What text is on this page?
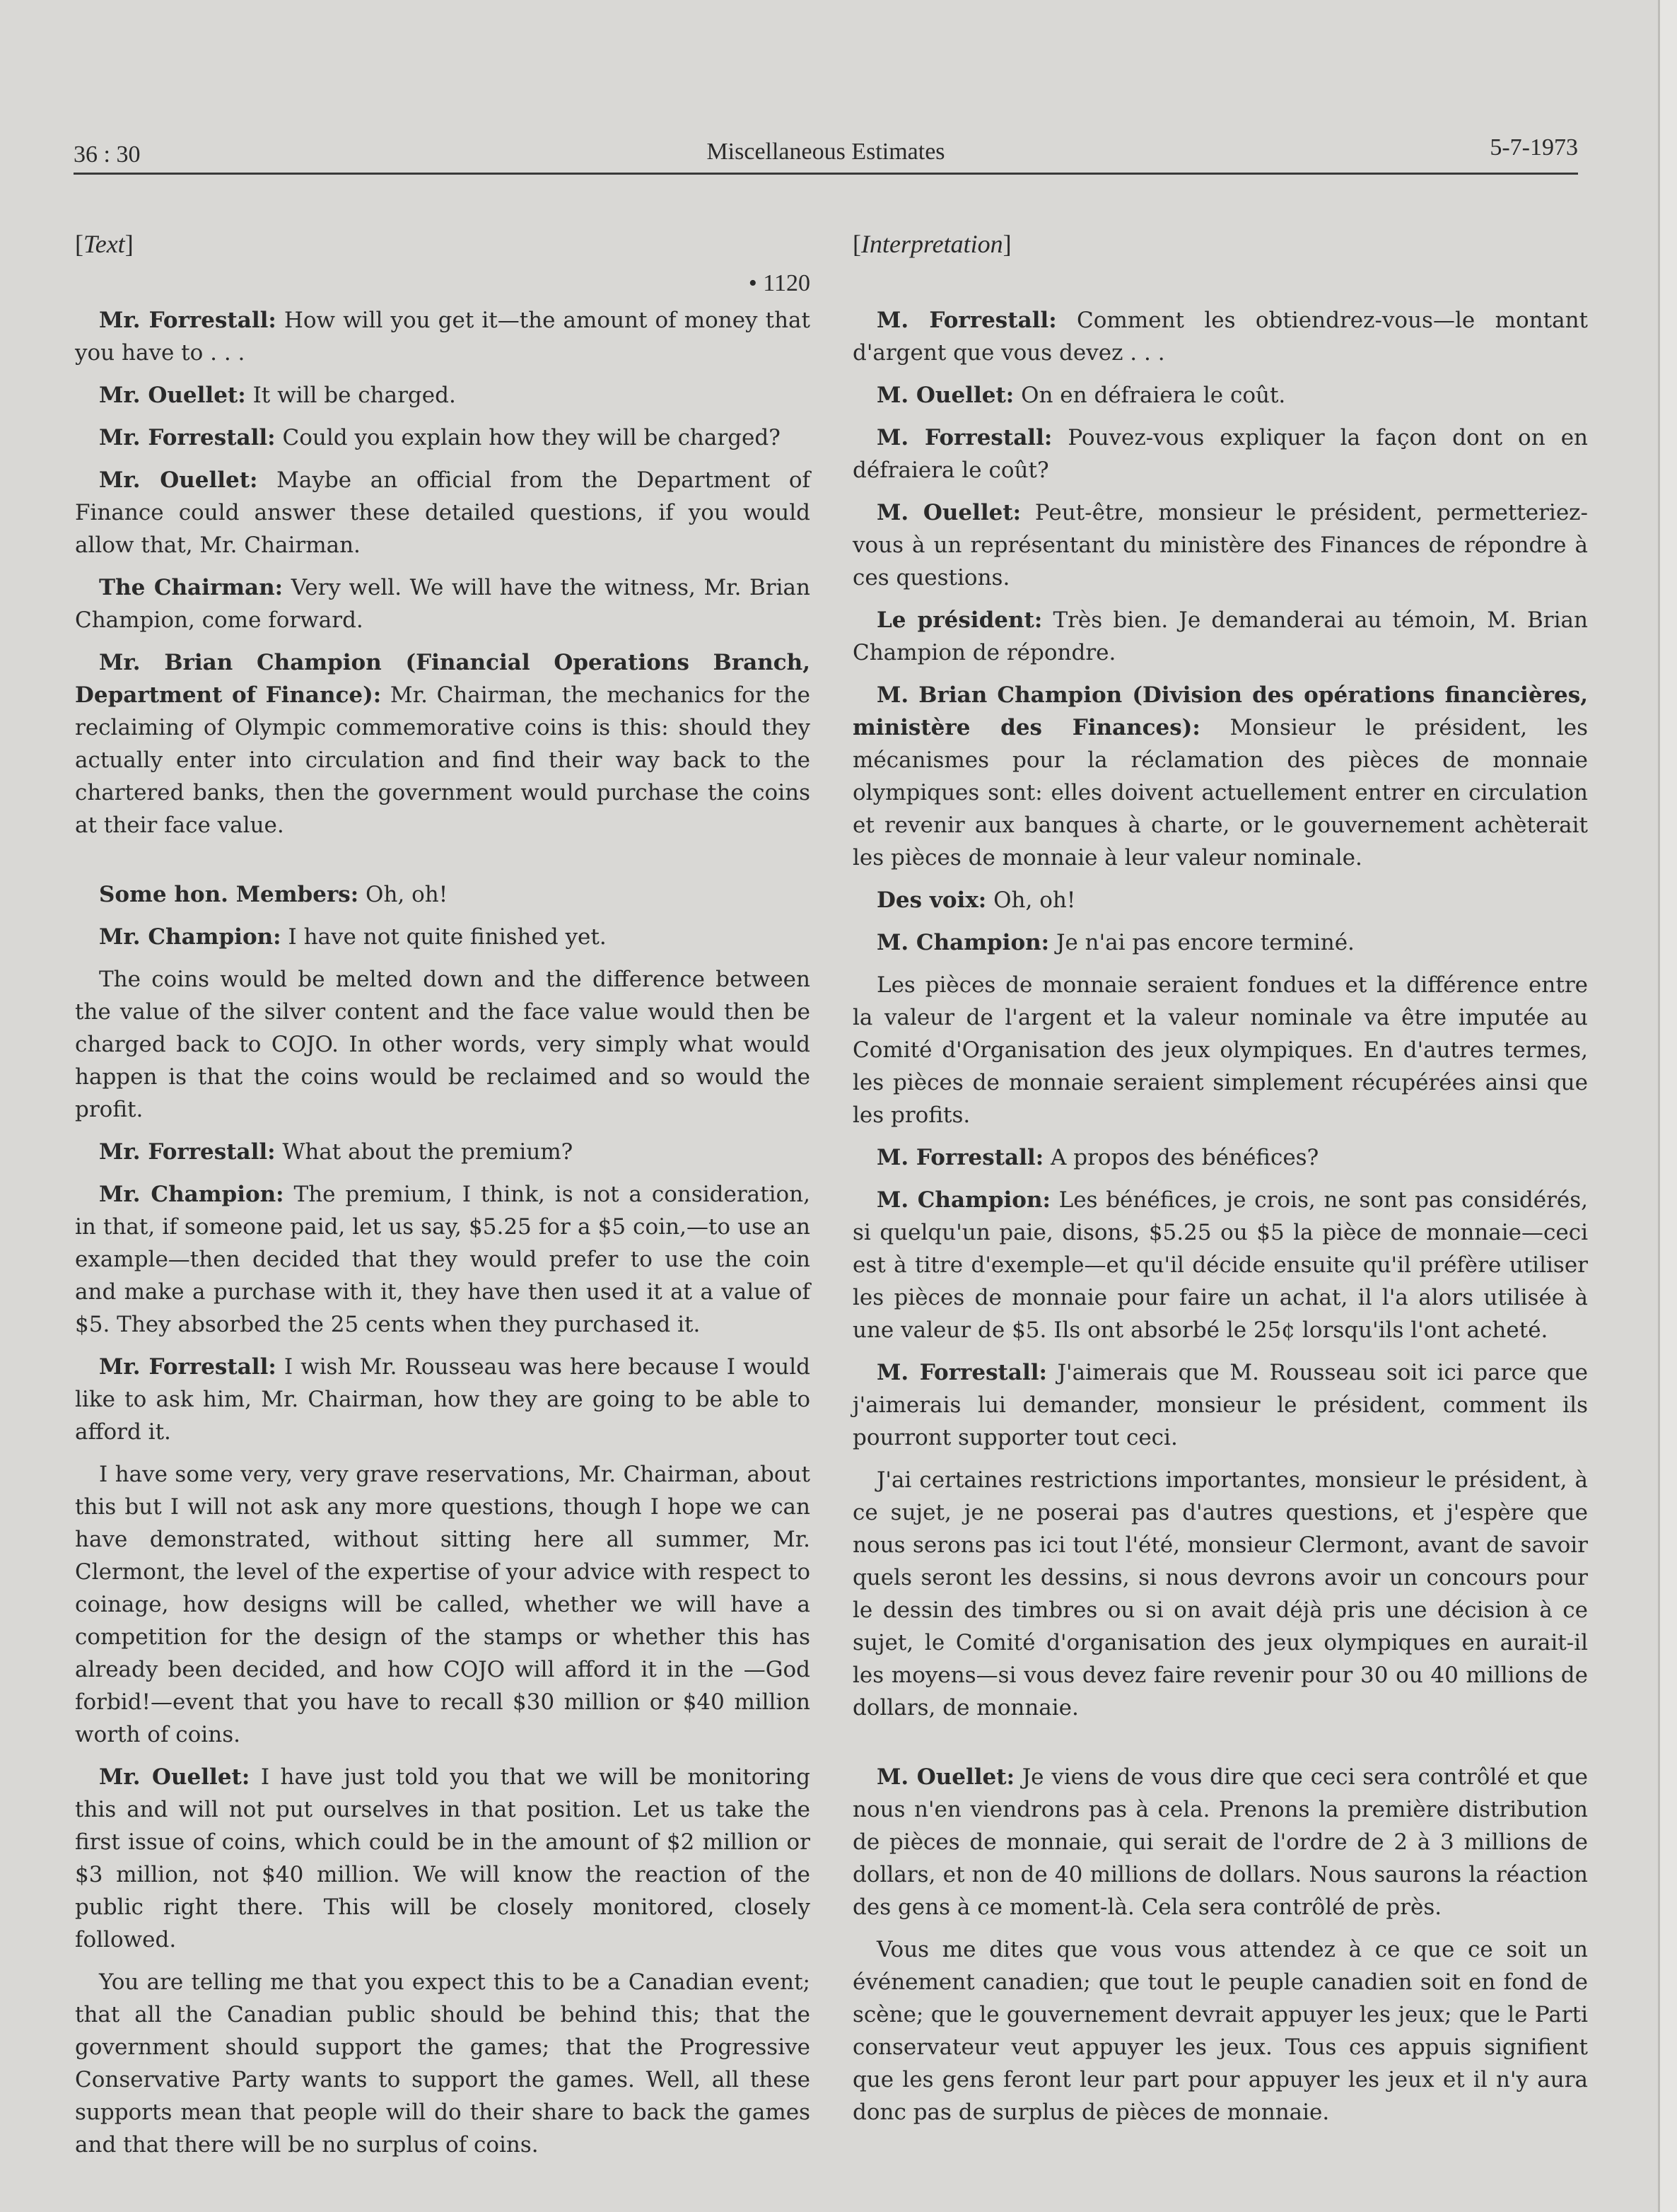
36 : 30	Miscellaneous Estimates	5-7-1973
[Text]
• 1120

Mr. Forrestall: How will you get it—the amount of money that you have to . . .

Mr. Ouellet: It will be charged.

Mr. Forrestall: Could you explain how they will be charged?

Mr. Ouellet: Maybe an official from the Department of Finance could answer these detailed questions, if you would allow that, Mr. Chairman.

The Chairman: Very well. We will have the witness, Mr. Brian Champion, come forward.

Mr. Brian Champion (Financial Operations Branch, Department of Finance): Mr. Chairman, the mechanics for the reclaiming of Olympic commemorative coins is this: should they actually enter into circulation and find their way back to the chartered banks, then the government would purchase the coins at their face value.

Some hon. Members: Oh, oh!

Mr. Champion: I have not quite finished yet.

The coins would be melted down and the difference between the value of the silver content and the face value would then be charged back to COJO. In other words, very simply what would happen is that the coins would be reclaimed and so would the profit.

Mr. Forrestall: What about the premium?

Mr. Champion: The premium, I think, is not a consideration, in that, if someone paid, let us say, $5.25 for a $5 coin,—to use an example—then decided that they would prefer to use the coin and make a purchase with it, they have then used it at a value of $5. They absorbed the 25 cents when they purchased it.

Mr. Forrestall: I wish Mr. Rousseau was here because I would like to ask him, Mr. Chairman, how they are going to be able to afford it.

I have some very, very grave reservations, Mr. Chairman, about this but I will not ask any more questions, though I hope we can have demonstrated, without sitting here all summer, Mr. Clermont, the level of the expertise of your advice with respect to coinage, how designs will be called, whether we will have a competition for the design of the stamps or whether this has already been decided, and how COJO will afford it in the —God forbid!—event that you have to recall $30 million or $40 million worth of coins.

Mr. Ouellet: I have just told you that we will be monitoring this and will not put ourselves in that position. Let us take the first issue of coins, which could be in the amount of $2 million or $3 million, not $40 million. We will know the reaction of the public right there. This will be closely monitored, closely followed.

You are telling me that you expect this to be a Canadian event; that all the Canadian public should be behind this; that the government should support the games; that the Progressive Conservative Party wants to support the games. Well, all these supports mean that people will do their share to back the games and that there will be no surplus of coins.

[Interpretation]

M. Forrestall: Comment les obtiendrez-vous—le montant d'argent que vous devez . . .

M. Ouellet: On en défraiera le coût.

M. Forrestall: Pouvez-vous expliquer la façon dont on en défraiera le coût?

M. Ouellet: Peut-être, monsieur le président, permetteriez-vous à un représentant du ministère des Finances de répondre à ces questions.

Le président: Très bien. Je demanderai au témoin, M. Brian Champion de répondre.

M. Brian Champion (Division des opérations financières, ministère des Finances): Monsieur le président, les mécanismes pour la réclamation des pièces de monnaie olympiques sont: elles doivent actuellement entrer en circulation et revenir aux banques à charte, or le gouvernement achèterait les pièces de monnaie à leur valeur nominale.

Des voix: Oh, oh!

M. Champion: Je n'ai pas encore terminé.

Les pièces de monnaie seraient fondues et la différence entre la valeur de l'argent et la valeur nominale va être imputée au Comité d'Organisation des jeux olympiques. En d'autres termes, les pièces de monnaie seraient simplement récupérées ainsi que les profits.

M. Forrestall: A propos des bénéfices?

M. Champion: Les bénéfices, je crois, ne sont pas considérés, si quelqu'un paie, disons, $5.25 ou $5 la pièce de monnaie—ceci est à titre d'exemple—et qu'il décide ensuite qu'il préfère utiliser les pièces de monnaie pour faire un achat, il l'a alors utilisée à une valeur de $5. Ils ont absorbé le 25¢ lorsqu'ils l'ont acheté.

M. Forrestall: J'aimerais que M. Rousseau soit ici parce que j'aimerais lui demander, monsieur le président, comment ils pourront supporter tout ceci.

J'ai certaines restrictions importantes, monsieur le président, à ce sujet, je ne poserai pas d'autres questions, et j'espère que nous serons pas ici tout l'été, monsieur Clermont, avant de savoir quels seront les dessins, si nous devrons avoir un concours pour le dessin des timbres ou si on avait déjà pris une décision à ce sujet, le Comité d'organisation des jeux olympiques en aurait-il les moyens—si vous devez faire revenir pour 30 ou 40 millions de dollars, de monnaie.

M. Ouellet: Je viens de vous dire que ceci sera contrôlé et que nous n'en viendrons pas à cela. Prenons la première distribution de pièces de monnaie, qui serait de l'ordre de 2 à 3 millions de dollars, et non de 40 millions de dollars. Nous saurons la réaction des gens à ce moment-là. Cela sera contrôlé de près.

Vous me dites que vous vous attendez à ce que ce soit un événement canadien; que tout le peuple canadien soit en fond de scène; que le gouvernement devrait appuyer les jeux; que le Parti conservateur veut appuyer les jeux. Tous ces appuis signifient que les gens feront leur part pour appuyer les jeux et il n'y aura donc pas de surplus de pièces de monnaie.
